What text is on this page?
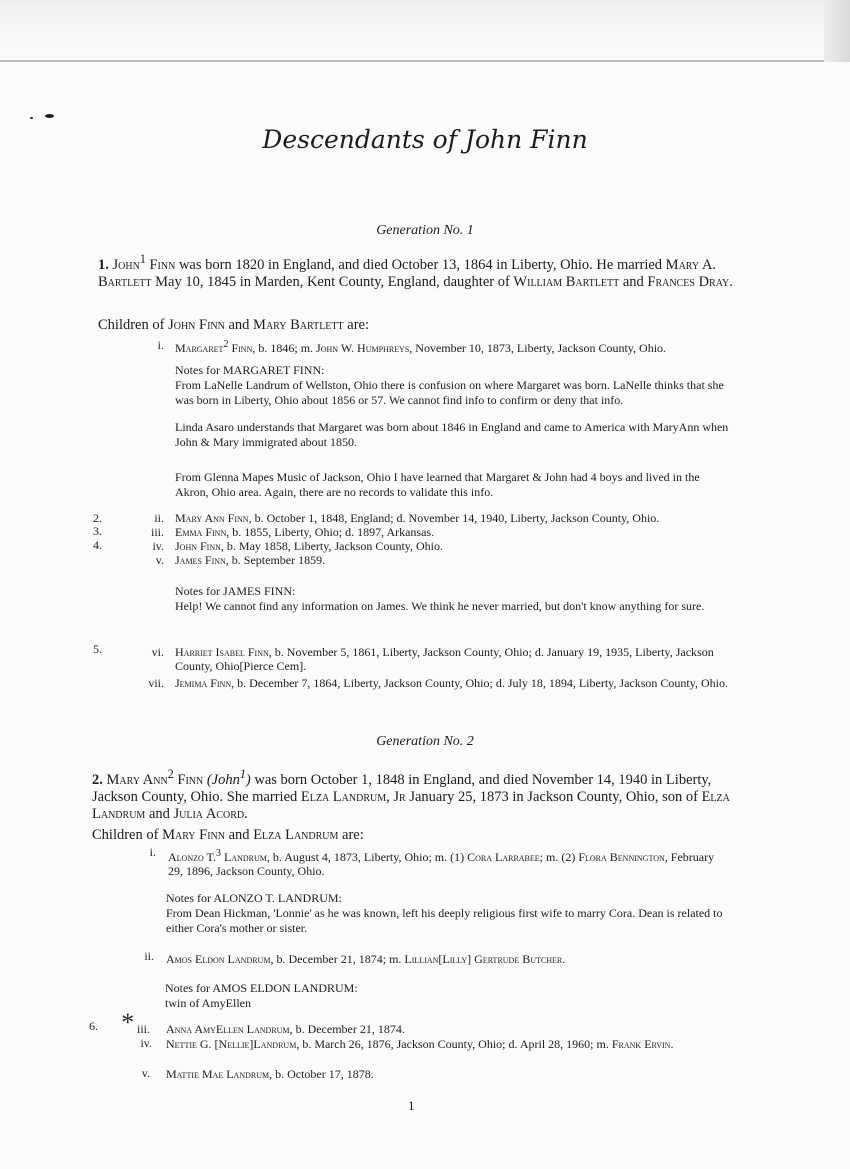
Descendants of John Finn
Generation No. 1
1. John$^1$ Finn was born 1820 in England, and died October 13, 1864 in Liberty, Ohio. He married Mary A. Bartlett May 10, 1845 in Marden, Kent County, England, daughter of William Bartlett and Frances Dray.
Children of John Finn and Mary Bartlett are:
i. Margaret$^2$ Finn, b. 1846; m. John W. Humphreys, November 10, 1873, Liberty, Jackson County, Ohio.
Notes for MARGARET FINN:
From LaNelle Landrum of Wellston, Ohio there is confusion on where Margaret was born. LaNelle thinks that she was born in Liberty, Ohio about 1856 or 57. We cannot find info to confirm or deny that info.
Linda Asaro understands that Margaret was born about 1846 in England and came to America with MaryAnn when John & Mary immigrated about 1850.
From Glenna Mapes Music of Jackson, Ohio I have learned that Margaret & John had 4 boys and lived in the Akron, Ohio area. Again, there are no records to validate this info.
2.	ii. Mary Ann Finn, b. October 1, 1848, England; d. November 14, 1940, Liberty, Jackson County, Ohio.
3.	iii. Emma Finn, b. 1855, Liberty, Ohio; d. 1897, Arkansas.
4.	iv. John Finn, b. May 1858, Liberty, Jackson County, Ohio.
v. James Finn, b. September 1859.
Notes for JAMES FINN:
Help! We cannot find any information on James. We think he never married, but don't know anything for sure.
5.	vi. Harriet Isabel Finn, b. November 5, 1861, Liberty, Jackson County, Ohio; d. January 19, 1935, Liberty, Jackson County, Ohio[Pierce Cem].
vii. Jemima Finn, b. December 7, 1864, Liberty, Jackson County, Ohio; d. July 18, 1894, Liberty, Jackson County, Ohio.
Generation No. 2
2. Mary Ann$^2$ Finn (John$^1$) was born October 1, 1848 in England, and died November 14, 1940 in Liberty, Jackson County, Ohio. She married Elza Landrum, Jr January 25, 1873 in Jackson County, Ohio, son of Elza Landrum and Julia Acord.
Children of Mary Finn and Elza Landrum are:
i. Alonzo T.$^3$ Landrum, b. August 4, 1873, Liberty, Ohio; m. (1) Cora Larrabee; m. (2) Flora Bennington, February 29, 1896, Jackson County, Ohio.
Notes for ALONZO T. LANDRUM:
From Dean Hickman, 'Lonnie' as he was known, left his deeply religious first wife to marry Cora. Dean is related to either Cora's mother or sister.
ii. Amos Eldon Landrum, b. December 21, 1874; m. Lillian[Lilly] Gertrude Butcher.
Notes for AMOS ELDON LANDRUM:
twin of AmyEllen
6. * iii. Anna AmyEllen Landrum, b. December 21, 1874.
iv. Nettie G. [Nellie]Landrum, b. March 26, 1876, Jackson County, Ohio; d. April 28, 1960; m. Frank Ervin.
v. Mattie Mae Landrum, b. October 17, 1878.
1
